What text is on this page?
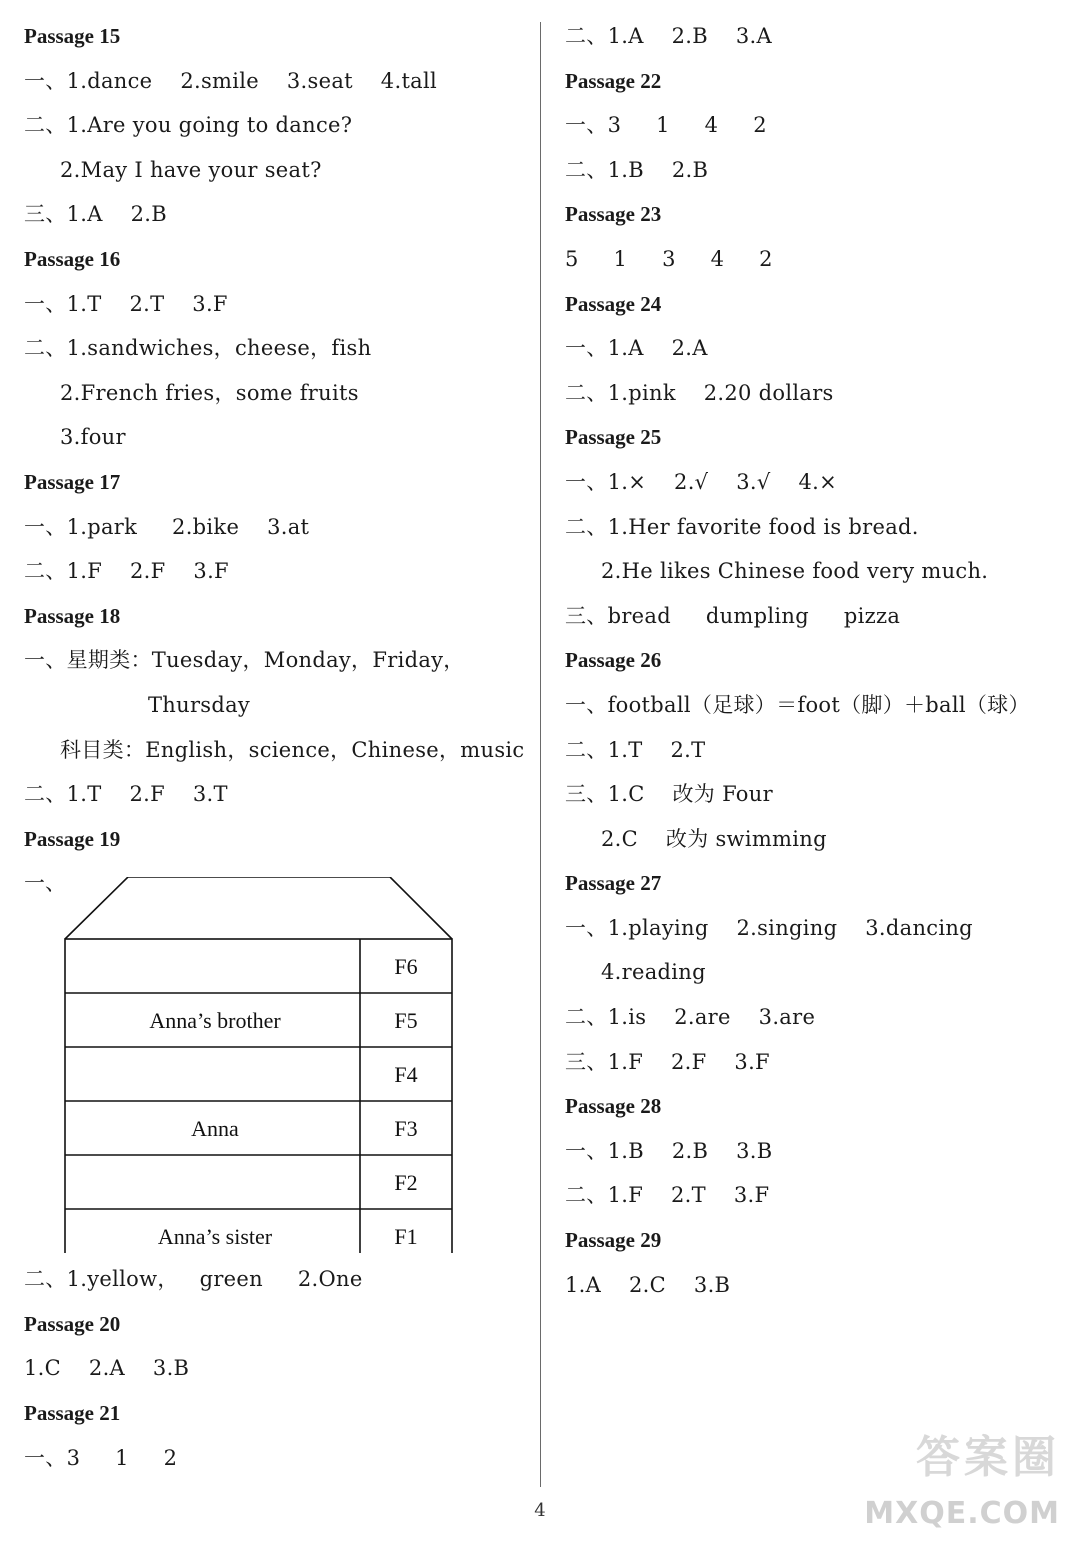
Passage 15
一、1.dance    2.smile    3.seat    4.tall
二、1.Are you going to dance?
2.May I have your seat?
三、1.A    2.B
Passage 16
一、1.T    2.T    3.F
二、1.sandwiches，cheese，fish
2.French fries，some fruits
3.four
Passage 17
一、1.park     2.bike    3.at
二、1.F    2.F    3.F
Passage 18
一、星期类：Tuesday，Monday，Friday，
Thursday
科目类：English，science，Chinese，music
二、1.T    2.F    3.T
Passage 19
一、
F6
F5
Anna’s brother
F4
F3
Anna
F2
F1
Anna’s sister
二、1.yellow，   green     2.One
Passage 20
1.C    2.A    3.B
Passage 21
一、3     1     2
二、1.A    2.B    3.A
Passage 22
一、3     1     4     2
二、1.B    2.B
Passage 23
5     1     3     4     2
Passage 24
一、1.A    2.A
二、1.pink    2.20 dollars
Passage 25
一、1.×    2.√    3.√    4.×
二、1.Her favorite food is bread.
2.He likes Chinese food very much.
三、bread     dumpling     pizza
Passage 26
一、football（足球）＝foot（脚）＋ball（球）
二、1.T    2.T
三、1.C    改为 Four
2.C    改为 swimming
Passage 27
一、1.playing    2.singing    3.dancing
4.reading
二、1.is    2.are    3.are
三、1.F    2.F    3.F
Passage 28
一、1.B    2.B    3.B
二、1.F    2.T    3.F
Passage 29
1.A    2.C    3.B
4
答案圈
MXQE.COM
